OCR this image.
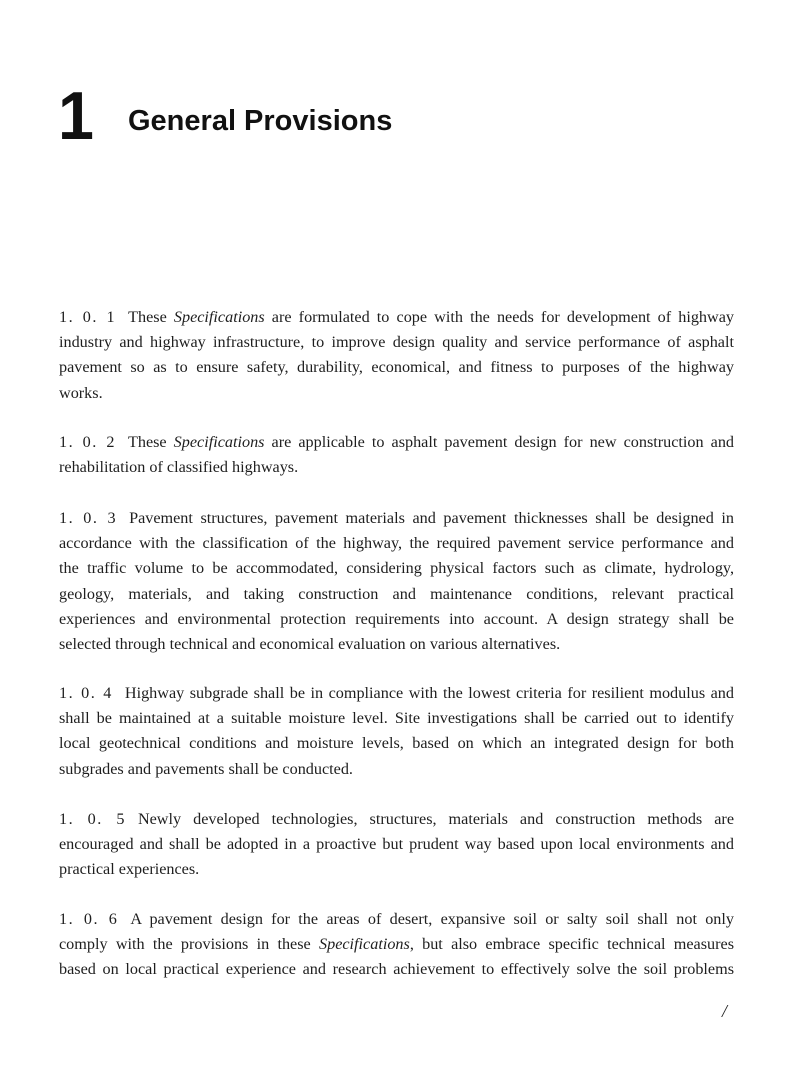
1 General Provisions
1. 0. 1 These Specifications are formulated to cope with the needs for development of highway
industry and highway infrastructure, to improve design quality and service performance of asphalt
pavement so as to ensure safety, durability, economical, and fitness to purposes of the highway
works.
1. 0. 2 These Specifications are applicable to asphalt pavement design for new construction and
rehabilitation of classified highways.
1. 0. 3 Pavement structures, pavement materials and pavement thicknesses shall be designed in
accordance with the classification of the highway, the required pavement service performance and
the traffic volume to be accommodated, considering physical factors such as climate, hydrology,
geology, materials, and taking construction and maintenance conditions, relevant practical
experiences and environmental protection requirements into account. A design strategy shall be
selected through technical and economical evaluation on various alternatives.
1. 0. 4 Highway subgrade shall be in compliance with the lowest criteria for resilient modulus and
shall be maintained at a suitable moisture level. Site investigations shall be carried out to identify
local geotechnical conditions and moisture levels, based on which an integrated design for both
subgrades and pavements shall be conducted.
1. 0. 5 Newly developed technologies, structures, materials and construction methods are
encouraged and shall be adopted in a proactive but prudent way based upon local environments and
practical experiences.
1. 0. 6 A pavement design for the areas of desert, expansive soil or salty soil shall not only
comply with the provisions in these Specifications, but also embrace specific technical measures
based on local practical experience and research achievement to effectively solve the soil problems
/
